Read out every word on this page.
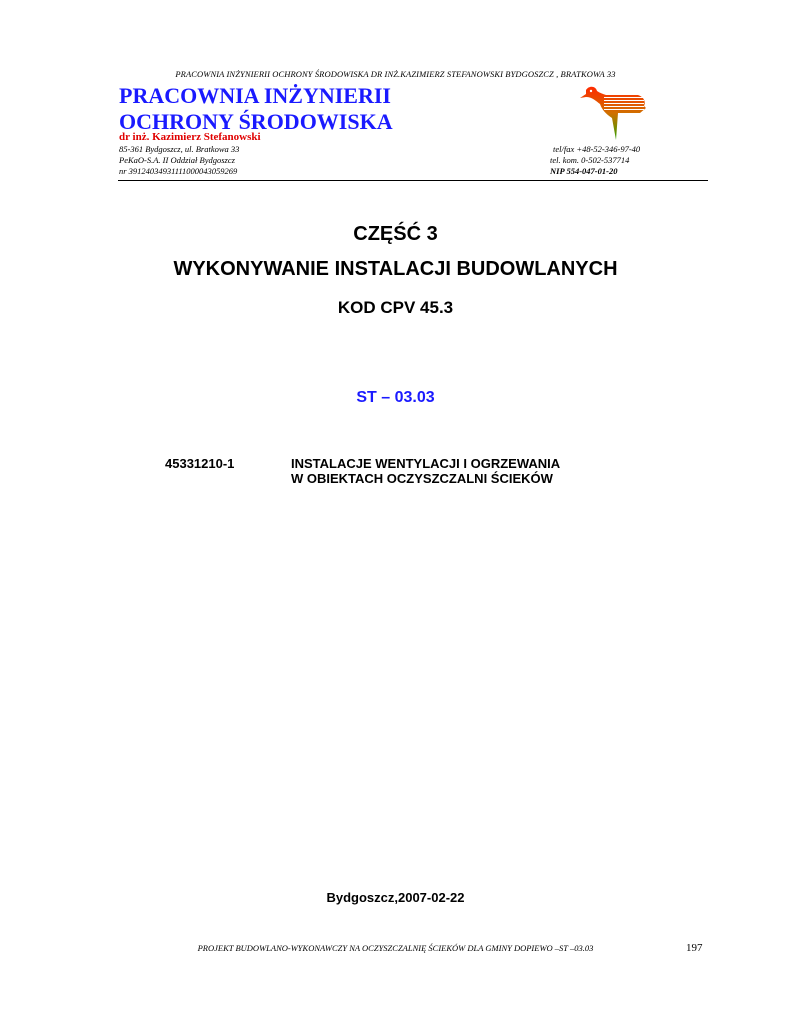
PRACOWNIA INŻYNIERII OCHRONY ŚRODOWISKA DR INŻ.KAZIMIERZ STEFANOWSKI BYDGOSZCZ , BRATKOWA 33
PRACOWNIA INŻYNIERII
OCHRONY ŚRODOWISKA
dr inż. Kazimierz Stefanowski
85-361 Bydgoszcz, ul. Bratkowa 33
PeKaO-S.A. II Oddział Bydgoszcz
nr 39124034931111000043059269
tel/fax +48-52-346-97-40
tel. kom. 0-502-537714
NIP 554-047-01-20
CZĘŚĆ 3
WYKONYWANIE INSTALACJI BUDOWLANYCH
KOD CPV 45.3
ST – 03.03
45331210-1	INSTALACJE WENTYLACJI I OGRZEWANIA
W OBIEKTACH OCZYSZCZALNI ŚCIEKÓW
Bydgoszcz,2007-02-22
PROJEKT BUDOWLANO-WYKONAWCZY NA OCZYSZCZALNIĘ ŚCIEKÓW DLA GMINY DOPIEWO –ST –03.03	197
